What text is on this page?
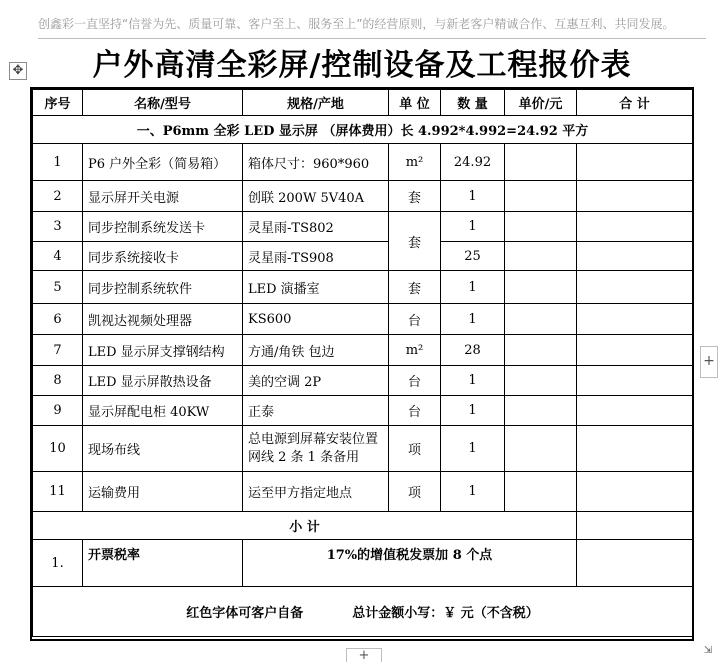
创鑫彩一直坚持“信誉为先、质量可靠、客户至上、服务至上”的经营原则，与新老客户精诚合作、互惠互利、共同发展。
✥	户外高清全彩屏/控制设备及工程报价表
序号	名称/型号	规格/产地	单 位	数 量	单价/元	合 计
一、P6mm 全彩 LED 显示屏 （屏体费用）长 4.992*4.992=24.92 平方						
1	P6 户外全彩（简易箱）	箱体尺寸：960*960	m²	24.92		
2	显示屏开关电源	创联 200W 5V40A	套	1		
3	同步控制系统发送卡	灵星雨-TS802	套	1		
4	同步系统接收卡	灵星雨-TS908		25		
5	同步控制系统软件	LED 演播室	套	1		
6	凯视达视频处理器	KS600	台	1		
7	LED 显示屏支撑钢结构	方通/角铁 包边	m²	28		
8	LED 显示屏散热设备	美的空调 2P	台	1		
9	显示屏配电柜 40KW	正泰	台	1		
10	现场布线	总电源到屏幕安装位置 网线 2 条 1 条备用	项	1		
11	运输费用	运至甲方指定地点	项	1		
小 计						
1.	开票税率	17%的增值税发票加 8 个点				
红色字体可客户自备 总计金额小写：￥ 元（不含税）						
+
+	⇲
